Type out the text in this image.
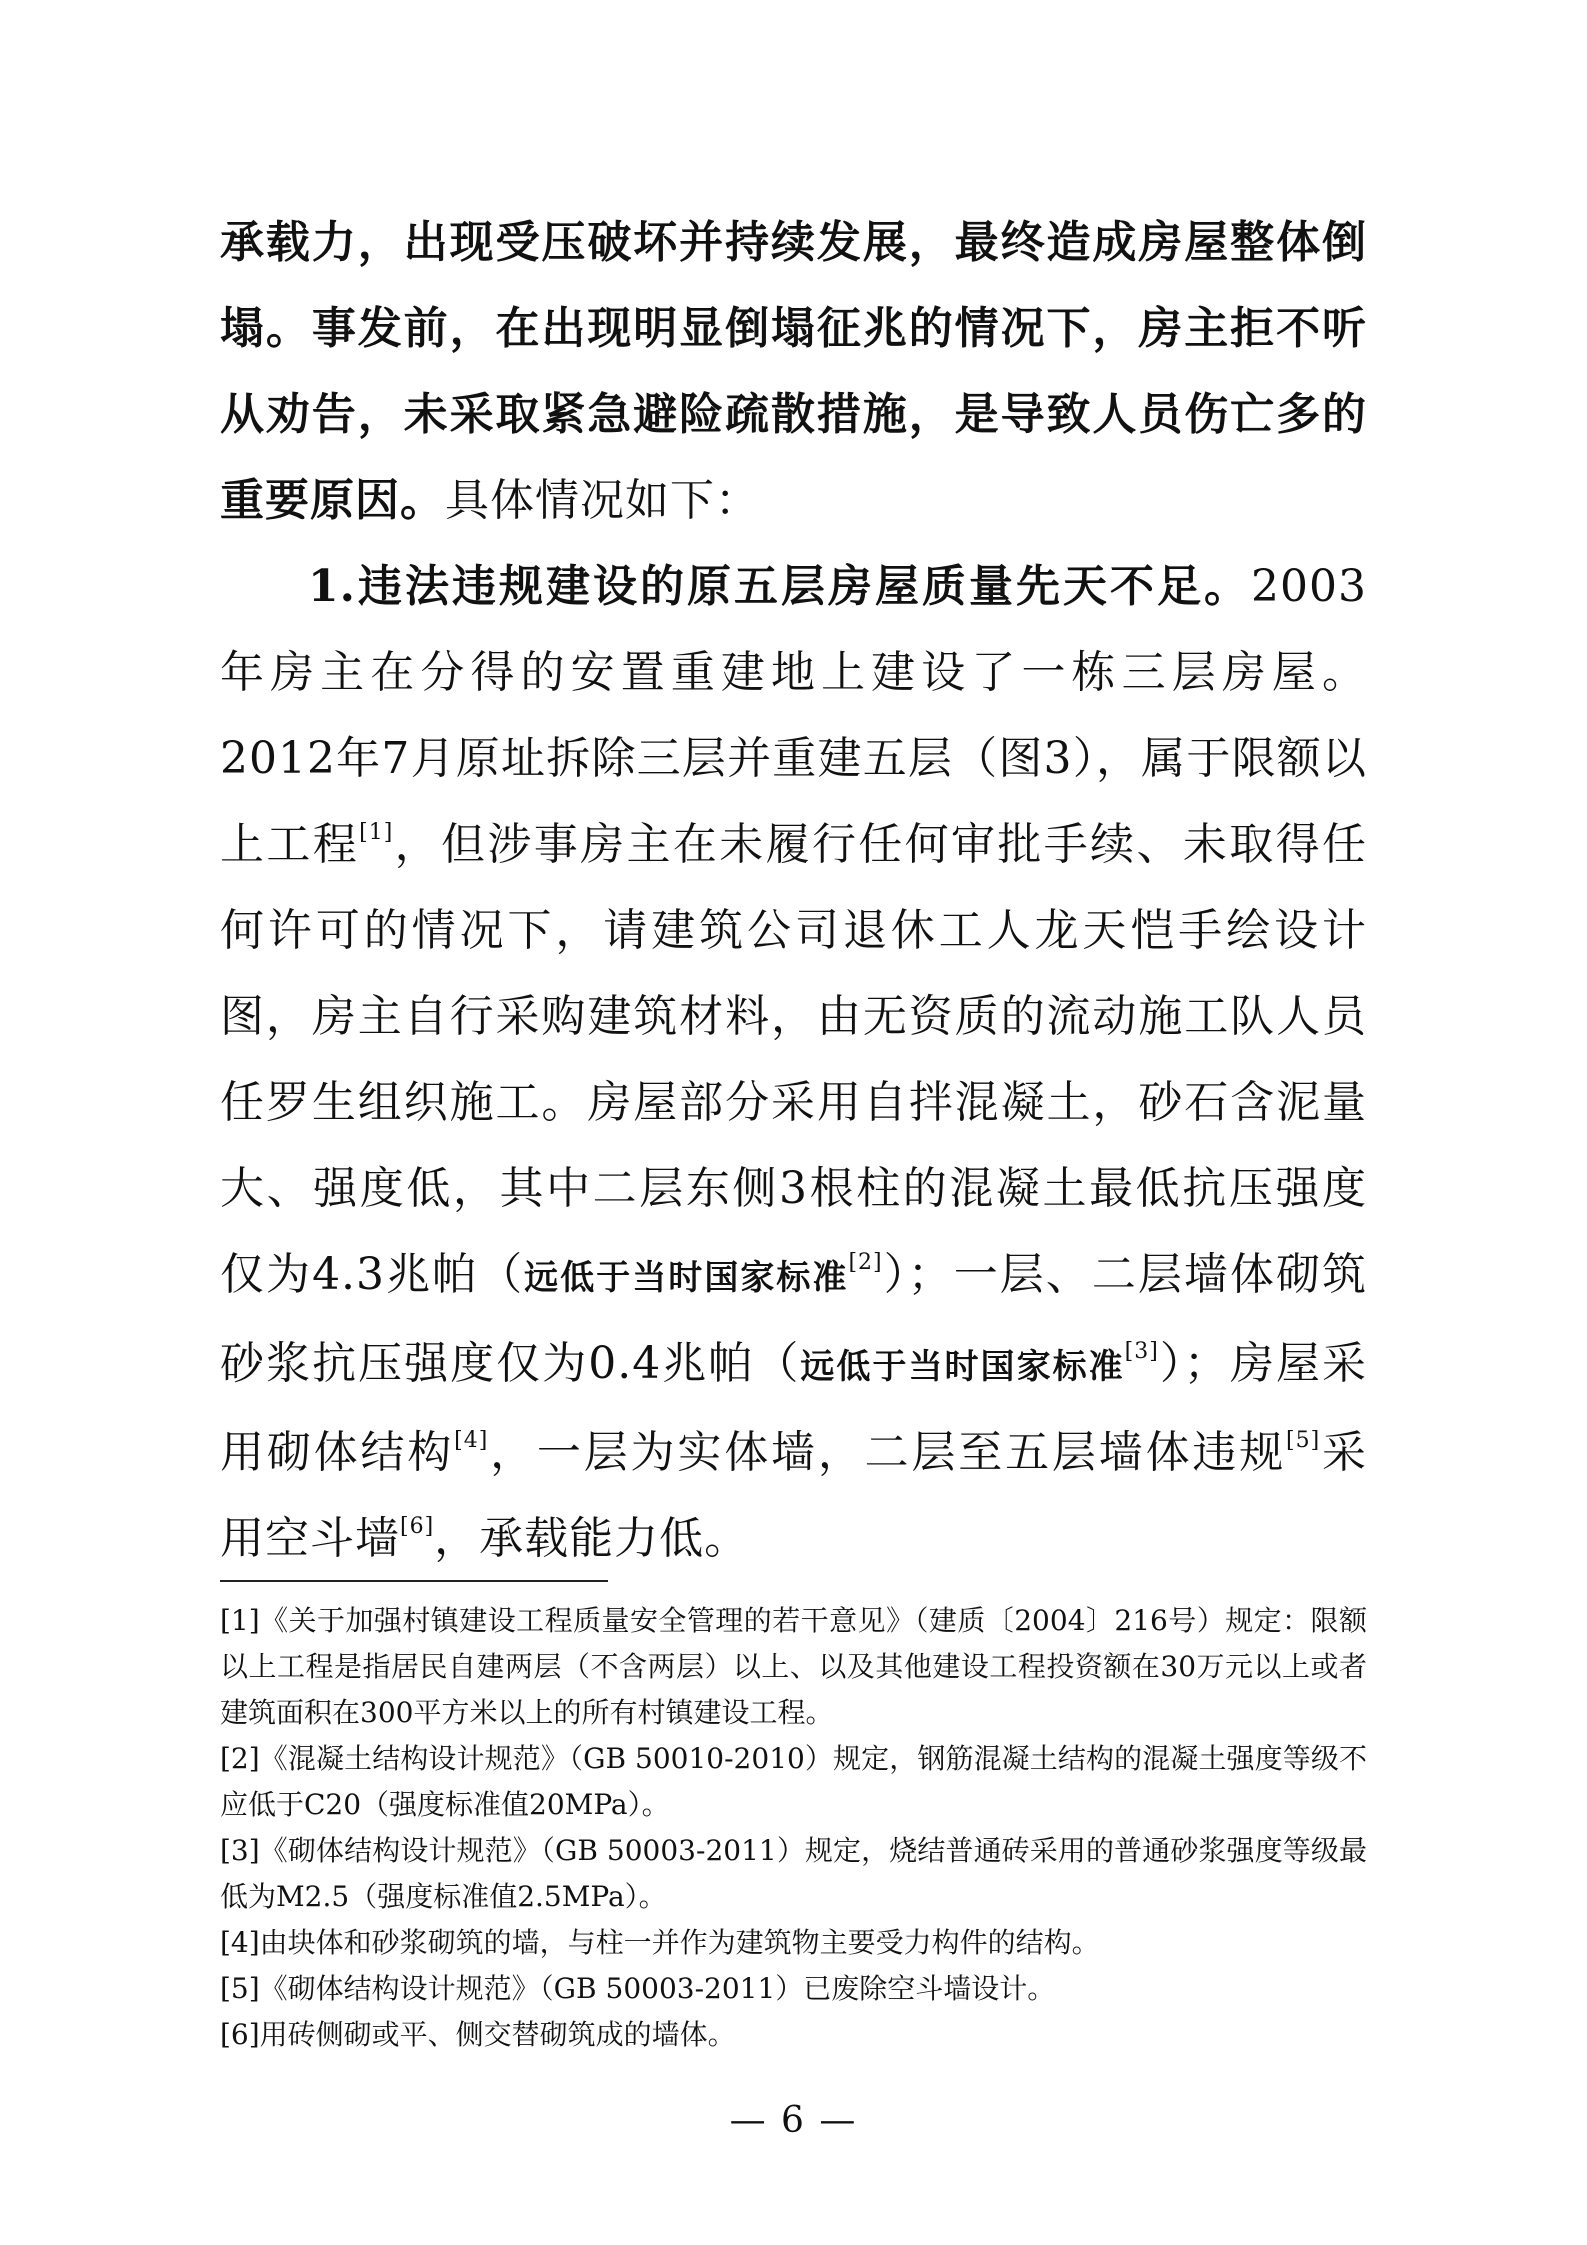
承载力，出现受压破坏并持续发展，最终造成房屋整体倒塌。事发前，在出现明显倒塌征兆的情况下，房主拒不听从劝告，未采取紧急避险疏散措施，是导致人员伤亡多的重要原因。具体情况如下：

1.违法违规建设的原五层房屋质量先天不足。2003年房主在分得的安置重建地上建设了一栋三层房屋。2012年7月原址拆除三层并重建五层（图3），属于限额以上工程[1]，但涉事房主在未履行任何审批手续、未取得任何许可的情况下，请建筑公司退休工人龙天恺手绘设计图，房主自行采购建筑材料，由无资质的流动施工队人员任罗生组织施工。房屋部分采用自拌混凝土，砂石含泥量大、强度低，其中二层东侧3根柱的混凝土最低抗压强度仅为4.3兆帕（远低于当时国家标准[2]）；一层、二层墙体砌筑砂浆抗压强度仅为0.4兆帕（远低于当时国家标准[3]）；房屋采用砌体结构[4]，一层为实体墙，二层至五层墙体违规[5]采用空斗墙[6]，承载能力低。

[1]《关于加强村镇建设工程质量安全管理的若干意见》（建质〔2004〕216号）规定：限额以上工程是指居民自建两层（不含两层）以上、以及其他建设工程投资额在30万元以上或者建筑面积在300平方米以上的所有村镇建设工程。

[2]《混凝土结构设计规范》（GB 50010-2010）规定，钢筋混凝土结构的混凝土强度等级不应低于C20（强度标准值20MPa）。

[3]《砌体结构设计规范》（GB 50003-2011）规定，烧结普通砖采用的普通砂浆强度等级最低为M2.5（强度标准值2.5MPa）。

[4]由块体和砂浆砌筑的墙，与柱一并作为建筑物主要受力构件的结构。

[5]《砌体结构设计规范》（GB 50003-2011）已废除空斗墙设计。

[6]用砖侧砌或平、侧交替砌筑成的墙体。

— 6 —
